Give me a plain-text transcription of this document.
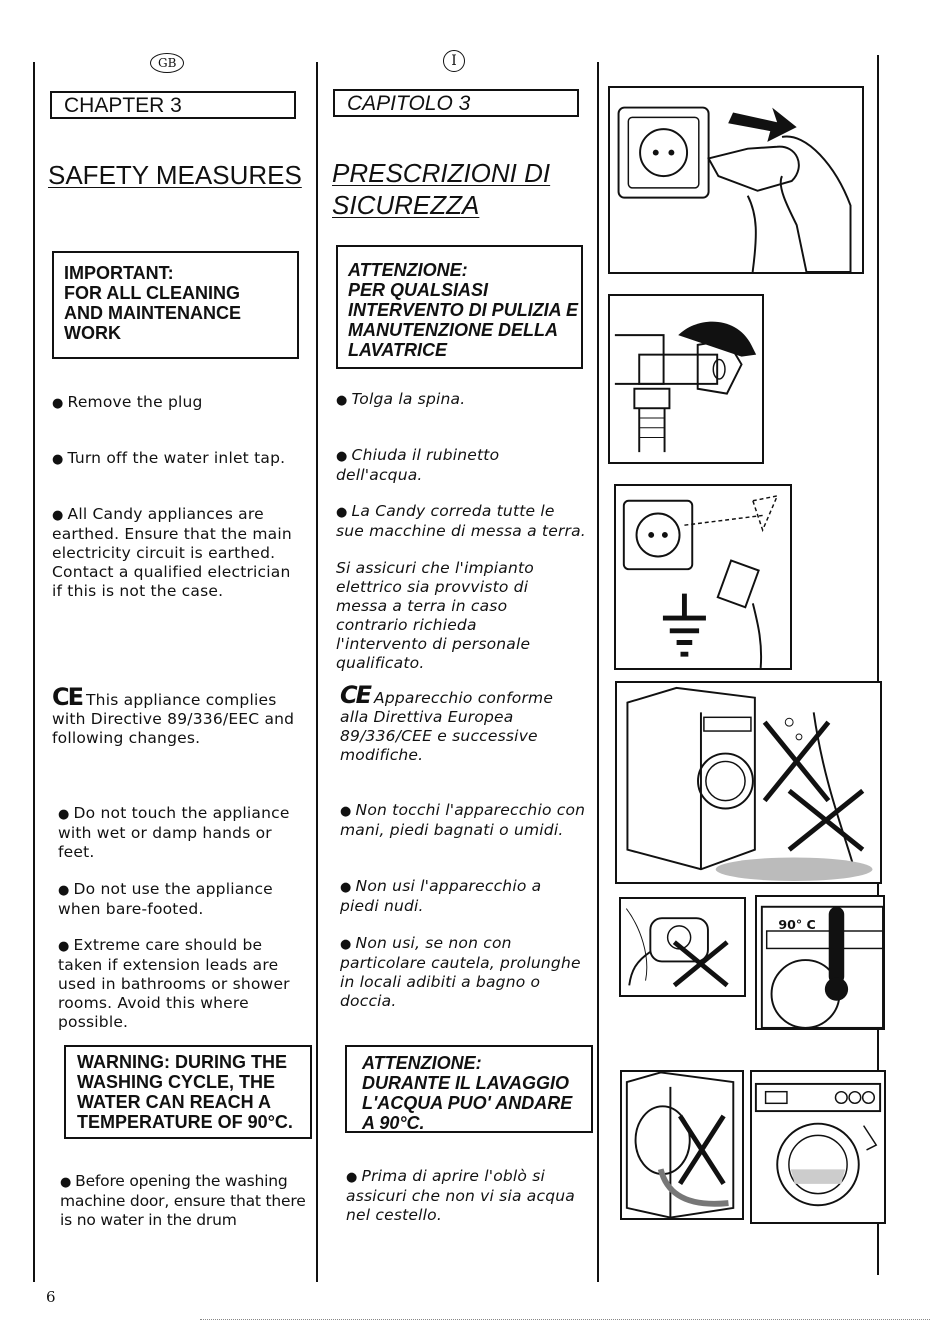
GB	I
CHAPTER 3	CAPITOLO 3
SAFETY MEASURES PRESCRIZIONI DI
SICUREZZA
IMPORTANT:
FOR ALL CLEANING
AND MAINTENANCE
WORK
ATTENZIONE:
PER QUALSIASI
INTERVENTO DI PULIZIA E
MANUTENZIONE DELLA
LAVATRICE
● Remove the plug
● Turn off the water inlet tap.
● All Candy appliances are earthed. Ensure that the main electricity circuit is earthed. Contact a qualified electrician if this is not the case.
CE This appliance complies with Directive 89/336/EEC and following changes.
● Do not touch the appliance with wet or damp hands or feet.
● Do not use the appliance when bare-footed.
● Extreme care should be taken if extension leads are used in bathrooms or shower rooms. Avoid this where possible.
WARNING: DURING THE
WASHING CYCLE, THE
WATER CAN REACH A
TEMPERATURE OF 90°C.
● Before opening the washing machine door, ensure that there is no water in the drum
● Tolga la spina.
● Chiuda il rubinetto dell'acqua.
● La Candy correda tutte le sue macchine di messa a terra.
Si assicuri che l'impianto elettrico sia provvisto di messa a terra in caso contrario richieda l'intervento di personale qualificato.
CE Apparecchio conforme alla Direttiva Europea 89/336/CEE e successive modifiche.
● Non tocchi l'apparecchio con mani, piedi bagnati o umidi.
● Non usi l'apparecchio a piedi nudi.
● Non usi, se non con particolare cautela, prolunghe in locali adibiti a bagno o doccia.
ATTENZIONE:
DURANTE IL LAVAGGIO
L'ACQUA PUO' ANDARE
A 90°C.
● Prima di aprire l'oblò si assicuri che non vi sia acqua nel cestello.
90° C
6
